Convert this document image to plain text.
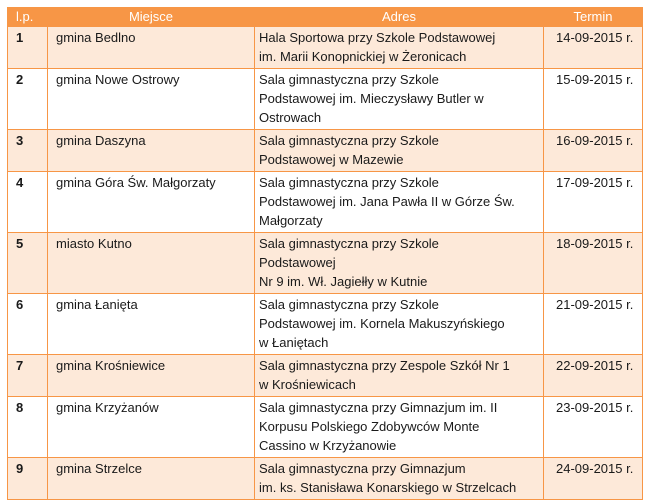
l.p.	Miejsce	Adres	Termin
1	gmina Bedlno	Hala Sportowa przy Szkole Podstawowej
im. Marii Konopnickiej w Żeronicach	14-09-2015 r.
2	gmina Nowe Ostrowy	Sala gimnastyczna przy Szkole
Podstawowej im. Mieczysławy Butler w
Ostrowach	15-09-2015 r.
3	gmina Daszyna	Sala gimnastyczna przy Szkole
Podstawowej w Mazewie	16-09-2015 r.
4	gmina Góra Św. Małgorzaty	Sala gimnastyczna przy Szkole
Podstawowej im. Jana Pawła II w Górze Św.
Małgorzaty	17-09-2015 r.
5	miasto Kutno	Sala gimnastyczna przy Szkole
Podstawowej
Nr 9 im. Wł. Jagiełły w Kutnie	18-09-2015 r.
6	gmina Łanięta	Sala gimnastyczna przy Szkole
Podstawowej im. Kornela Makuszyńskiego
w Łaniętach	21-09-2015 r.
7	gmina Krośniewice	Sala gimnastyczna przy Zespole Szkół Nr 1
w Krośniewicach	22-09-2015 r.
8	gmina Krzyżanów	Sala gimnastyczna przy Gimnazjum im. II
Korpusu Polskiego Zdobywców Monte
Cassino w Krzyżanowie	23-09-2015 r.
9	gmina Strzelce	Sala gimnastyczna przy Gimnazjum
im. ks. Stanisława Konarskiego w Strzelcach	24-09-2015 r.
